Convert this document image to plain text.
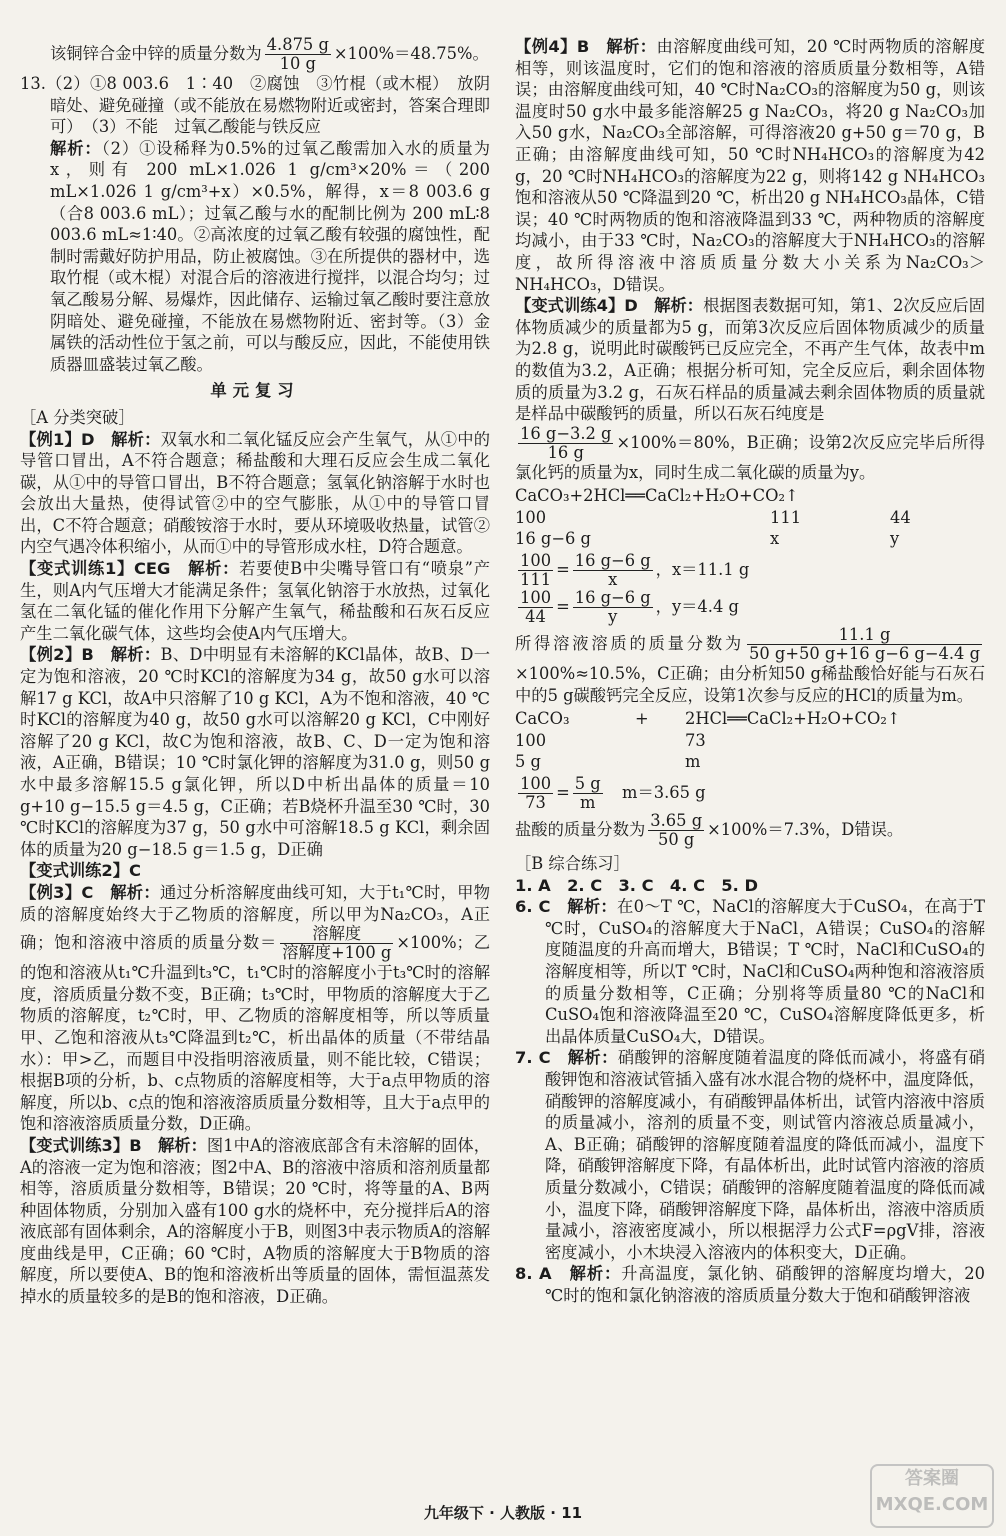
该铜锌合金中锌的质量分数为 $\frac{4.875 g}{10 g} \times 100\%=48.75\%$。

13.（2）①8 003.6　1∶40　②腐蚀　③竹棍（或木棍）　放阴暗处、避免碰撞（或不能放在易燃物附近或密封，答案合理即可）　（3）不能　过氧乙酸能与铁反应

解析：（2）①设稀释为0.5%的过氧乙酸需加入水的质量为x，则有 200 mL×1.026 1 g/cm³×20%＝（200 mL×1.026 1 g/cm³+x）×0.5%，解得，x＝8 003.6 g（合8 003.6 mL）；过氧乙酸与水的配制比例为 200 mL∶8 003.6 mL≈1∶40。②高浓度的过氧乙酸有较强的腐蚀性，配制时需戴好防护用品，防止被腐蚀。③在所提供的器材中，选取竹棍（或木棍）对混合后的溶液进行搅拌，以混合均匀；过氧乙酸易分解、易爆炸，因此储存、运输过氧乙酸时要注意放阴暗处、避免碰撞，不能放在易燃物附近、密封等。（3）金属铁的活动性位于氢之前，可以与酸反应，因此，不能使用铁质器皿盛装过氧乙酸。

单元复习

［A 分类突破］

【例1】D　解析：双氧水和二氧化锰反应会产生氧气，从①中的导管口冒出，A不符合题意；稀盐酸和大理石反应会生成二氧化碳，从①中的导管口冒出，B不符合题意；氢氧化钠溶解于水时也会放出大量热，使得试管②中的空气膨胀，从①中的导管口冒出，C不符合题意；硝酸铵溶于水时，要从环境吸收热量，试管②内空气遇冷体积缩小，从而①中的导管形成水柱，D符合题意。

【变式训练1】CEG　解析：若要使B中尖嘴导管口有“喷泉”产生，则A内气压增大才能满足条件；氢氧化钠溶于水放热，过氧化氢在二氧化锰的催化作用下分解产生氧气，稀盐酸和石灰石反应产生二氧化碳气体，这些均会使A内气压增大。

【例2】B　解析：B、D中明显有未溶解的KCl晶体，故B、D一定为饱和溶液，20 ℃时KCl的溶解度为34 g，故50 g水可以溶解17 g KCl，故A中只溶解了10 g KCl，A为不饱和溶液，40 ℃时KCl的溶解度为40 g，故50 g水可以溶解20 g KCl，C中刚好溶解了20 g KCl，故C为饱和溶液，故B、C、D一定为饱和溶液，A正确，B错误；10 ℃时氯化钾的溶解度为31.0 g，则50 g水中最多溶解15.5 g氯化钾，所以D中析出晶体的质量＝10 g+10 g−15.5 g＝4.5 g，C正确；若B烧杯升温至30 ℃时，30 ℃时KCl的溶解度为37 g，50 g水中可溶解18.5 g KCl，剩余固体的质量为20 g−18.5 g＝1.5 g，D正确

【变式训练2】C

【例3】C　解析：通过分析溶解度曲线可知，大于t₁℃时，甲物质的溶解度始终大于乙物质的溶解度，所以甲为Na₂CO₃，A正确；饱和溶液中溶质的质量分数＝ $\frac{\text{溶解度}}{\text{溶解度+100 g}} \times 100\%$；乙的饱和溶液从t₁℃升温到t₃℃，t₁℃时的溶解度小于t₃℃时的溶解度，溶质质量分数不变，B正确；t₃℃时，甲物质的溶解度大于乙物质的溶解度，t₂℃时，甲、乙物质的溶解度相等，所以等质量甲、乙饱和溶液从t₃℃降温到t₂℃，析出晶体的质量（不带结晶水）：甲>乙，而题目中没指明溶液质量，则不能比较，C错误；根据B项的分析，b、c点物质的溶解度相等，大于a点甲物质的溶解度，所以b、c点的饱和溶液溶质质量分数相等，且大于a点甲的饱和溶液溶质质量分数，D正确。

【变式训练3】B　解析：图1中A的溶液底部含有未溶解的固体，A的溶液一定为饱和溶液；图2中A、B的溶液中溶质和溶剂质量都相等，溶质质量分数相等，B错误；20 ℃时，将等量的A、B两种固体物质，分别加入盛有100 g水的烧杯中，充分搅拌后A的溶液底部有固体剩余，A的溶解度小于B，则图3中表示物质A的溶解度曲线是甲，C正确；60 ℃时，A物质的溶解度大于B物质的溶解度，所以要使A、B的饱和溶液析出等质量的固体，需恒温蒸发掉水的质量较多的是B的饱和溶液，D正确。

【例4】B　解析：由溶解度曲线可知，20 ℃时两物质的溶解度相等，则该温度时，它们的饱和溶液的溶质质量分数相等，A错误；由溶解度曲线可知，40 ℃时Na₂CO₃的溶解度为50 g，则该温度时50 g水中最多能溶解25 g Na₂CO₃，将20 g Na₂CO₃加入50 g水，Na₂CO₃全部溶解，可得溶液20 g+50 g＝70 g，B正确；由溶解度曲线可知，50 ℃时NH₄HCO₃的溶解度为42 g，20 ℃时NH₄HCO₃的溶解度为22 g，则将142 g NH₄HCO₃饱和溶液从50 ℃降温到20 ℃，析出20 g NH₄HCO₃晶体，C错误；40 ℃时两物质的饱和溶液降温到33 ℃，两种物质的溶解度均减小，由于33 ℃时，Na₂CO₃的溶解度大于NH₄HCO₃的溶解度，故所得溶液中溶质质量分数大小关系为Na₂CO₃＞NH₄HCO₃，D错误。

【变式训练4】D　解析：根据图表数据可知，第1、2次反应后固体物质减少的质量都为5 g，而第3次反应后固体物质减少的质量为2.8 g，说明此时碳酸钙已反应完全，不再产生气体，故表中m的数值为3.2，A正确；根据分析可知，完全反应后，剩余固体物质的质量为3.2 g，石灰石样品的质量减去剩余固体物质的质量就是样品中碳酸钙的质量，所以石灰石纯度是

$\frac{16 g-3.2 g}{16 g} \times 100\%=80\%$，B正确；设第2次反应完毕后所得氯化钙的质量为x，同时生成二氧化碳的质量为y。

CaCO₃+2HCl══CaCl₂+H₂O+CO₂↑
100	111	44
16 g−6 g	x	y

$\frac{100}{111} = \frac{16 g-6 g}{x}$ ，x＝11.1 g

$\frac{100}{44} = \frac{16 g-6 g}{y}$ ，y＝4.4 g

所得溶液溶质的质量分数为 $\frac{11.1 g}{50 g+50 g+16 g-6 g-4.4 g}$
×100%≈10.5%，C正确；由分析知50 g稀盐酸恰好能与石灰石中的5 g碳酸钙完全反应，设第1次参与反应的HCl的质量为m。

CaCO₃	+	2HCl══CaCl₂+H₂O+CO₂↑
100	73
5 g	m

$\frac{100}{73} = \frac{5 g}{m}$
　 m＝3.65 g

盐酸的质量分数为 $\frac{3.65 g}{50 g} \times 100\%=7.3\%$，D错误。

［B 综合练习］

1. A　2. C　3. C　4. C　5. D

6. C　解析：在0～T ℃，NaCl的溶解度大于CuSO₄，在高于T ℃时，CuSO₄的溶解度大于NaCl，A错误；CuSO₄的溶解度随温度的升高而增大，B错误；T ℃时，NaCl和CuSO₄的溶解度相等，所以T ℃时，NaCl和CuSO₄两种饱和溶液溶质的质量分数相等，C正确；分别将等质量80 ℃的NaCl和CuSO₄饱和溶液降温至20 ℃，CuSO₄溶解度降低更多，析出晶体质量CuSO₄大，D错误。

7. C　解析：硝酸钾的溶解度随着温度的降低而减小，将盛有硝酸钾饱和溶液试管插入盛有冰水混合物的烧杯中，温度降低，硝酸钾的溶解度减小，有硝酸钾晶体析出，试管内溶液中溶质的质量减小，溶剂的质量不变，则试管内溶液总质量减小，A、B正确；硝酸钾的溶解度随着温度的降低而减小，温度下降，硝酸钾溶解度下降，有晶体析出，此时试管内溶液的溶质质量分数减小，C错误；硝酸钾的溶解度随着温度的降低而减小，温度下降，硝酸钾溶解度下降，晶体析出，溶液中溶质质量减小，溶液密度减小，所以根据浮力公式F=ρgV排，溶液密度减小，小木块浸入溶液内的体积变大，D正确。

8. A　解析：升高温度，氯化钠、硝酸钾的溶解度均增大，20 ℃时的饱和氯化钠溶液的溶质质量分数大于饱和硝酸钾溶液

九年级下 · 人教版 · 11
答案圈 MXQE.COM
